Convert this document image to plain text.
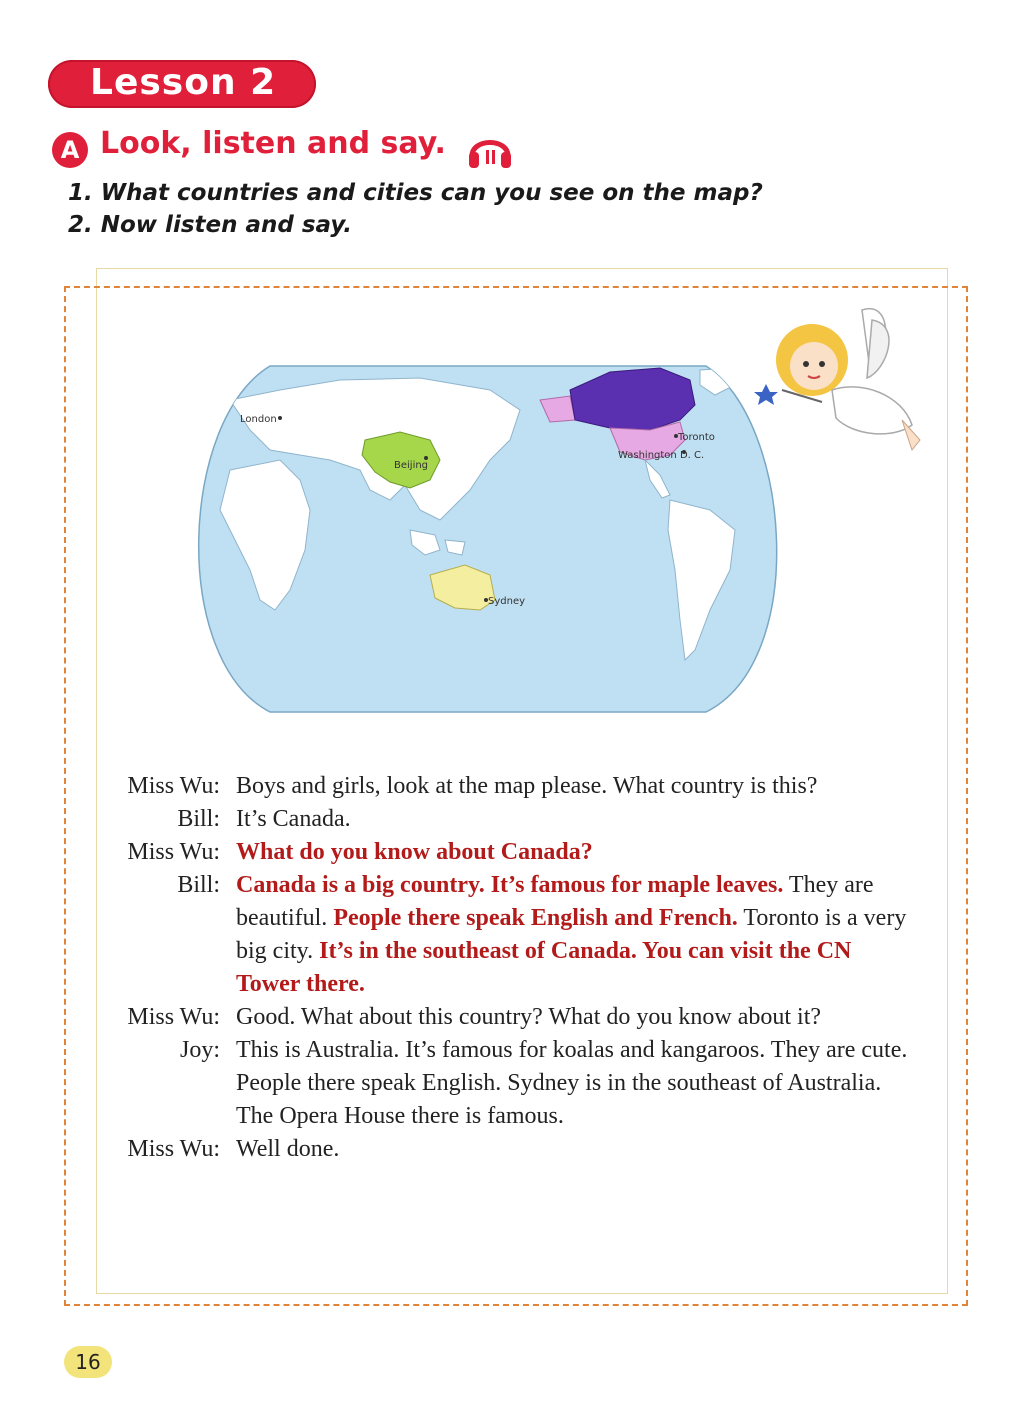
Lesson 2
A Look, listen and say.
1. What countries and cities can you see on the map?
2. Now listen and say.
London
Beijing
Toronto
Washington D. C.
Sydney
Miss Wu: Boys and girls, look at the map please. What country is this?
Bill: It’s Canada.
Miss Wu: What do you know about Canada?
Bill: Canada is a big country. It’s famous for maple leaves. They are beautiful. People there speak English and French. Toronto is a very big city. It’s in the southeast of Canada. You can visit the CN Tower there.
Miss Wu: Good. What about this country? What do you know about it?
Joy: This is Australia. It’s famous for koalas and kangaroos. They are cute. People there speak English. Sydney is in the southeast of Australia. The Opera House there is famous.
Miss Wu: Well done.
16
